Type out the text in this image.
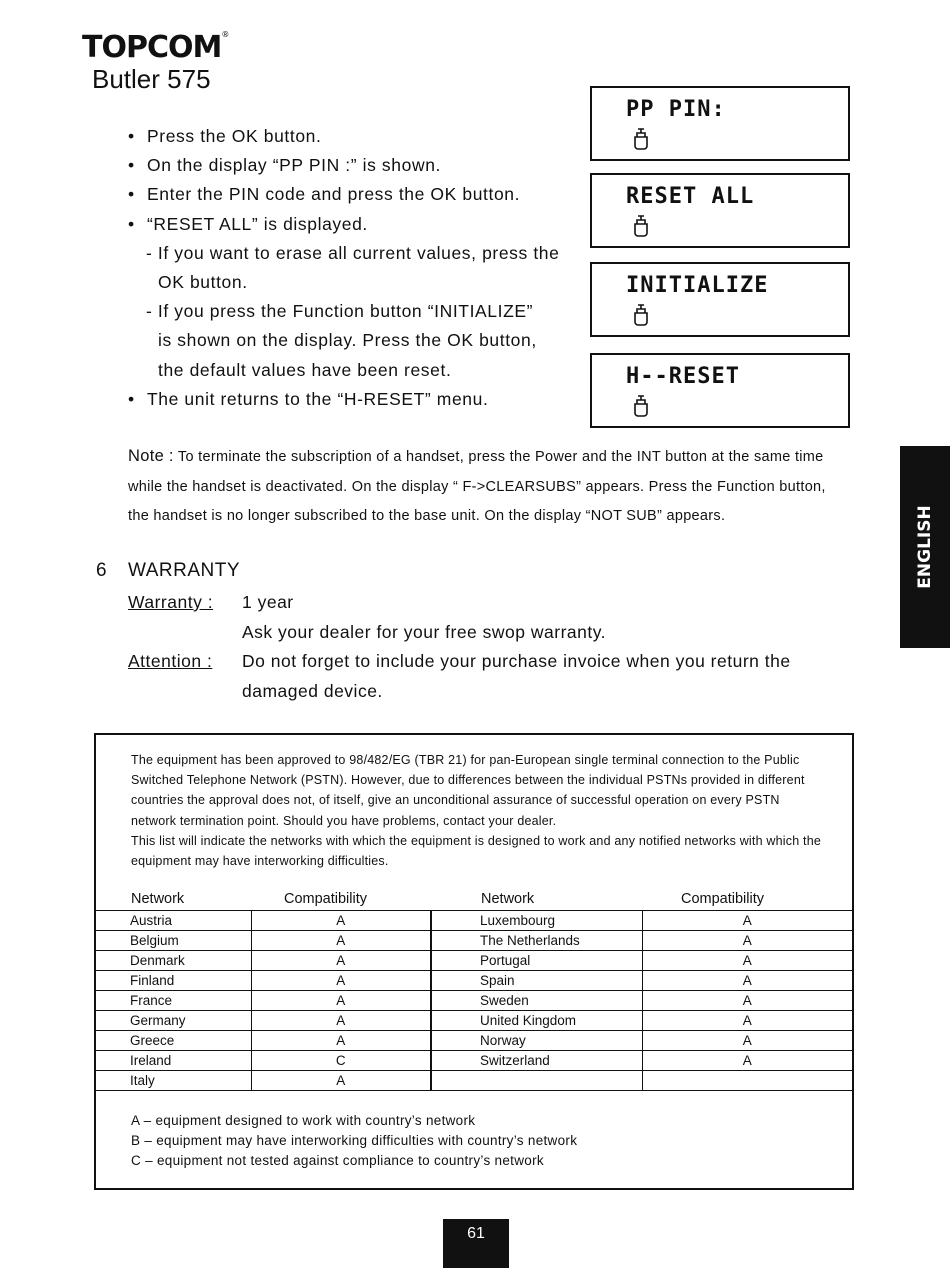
TOPCOM®
Butler 575
• Press the OK button.
• On the display “PP PIN :” is shown.
• Enter the PIN code and press the OK button.
• “RESET ALL” is displayed.
- If you want to erase all current values, press the
OK button.
- If you press the Function button “INITIALIZE”
is shown on the display. Press the OK button,
the default values have been reset.
• The unit returns to the “H-RESET” menu.
PP PIN:
RESET ALL
INITIALIZE
H--RESET
ENGLISH
Note : To terminate the subscription of a handset, press the Power and the INT button at the same time while the handset is deactivated. On the display “ F->CLEARSUBS” appears. Press the Function button, the handset is no longer subscribed to the base unit. On the display “NOT SUB” appears.
6 WARRANTY
Warranty :	1 year
Ask your dealer for your free swop warranty.
Attention :	Do not forget to include your purchase invoice when you return the
damaged device.
The equipment has been approved to 98/482/EG (TBR 21) for pan-European single terminal connection to the Public Switched Telephone Network (PSTN). However, due to differences between the individual PSTNs provided in different countries the approval does not, of itself, give an unconditional assurance of successful operation on every PSTN network termination point. Should you have problems, contact your dealer.
This list will indicate the networks with which the equipment is designed to work and any notified networks with which the equipment may have interworking difficulties.
Network	Compatibility	Network	Compatibility
Austria	A	Luxembourg	A
Belgium	A	The Netherlands	A
Denmark	A	Portugal	A
Finland	A	Spain	A
France	A	Sweden	A
Germany	A	United Kingdom	A
Greece	A	Norway	A
Ireland	C	Switzerland	A
Italy	A		
A – equipment designed to work with country’s network
B – equipment may have interworking difficulties with country’s network
C – equipment not tested against compliance to country’s network
61
